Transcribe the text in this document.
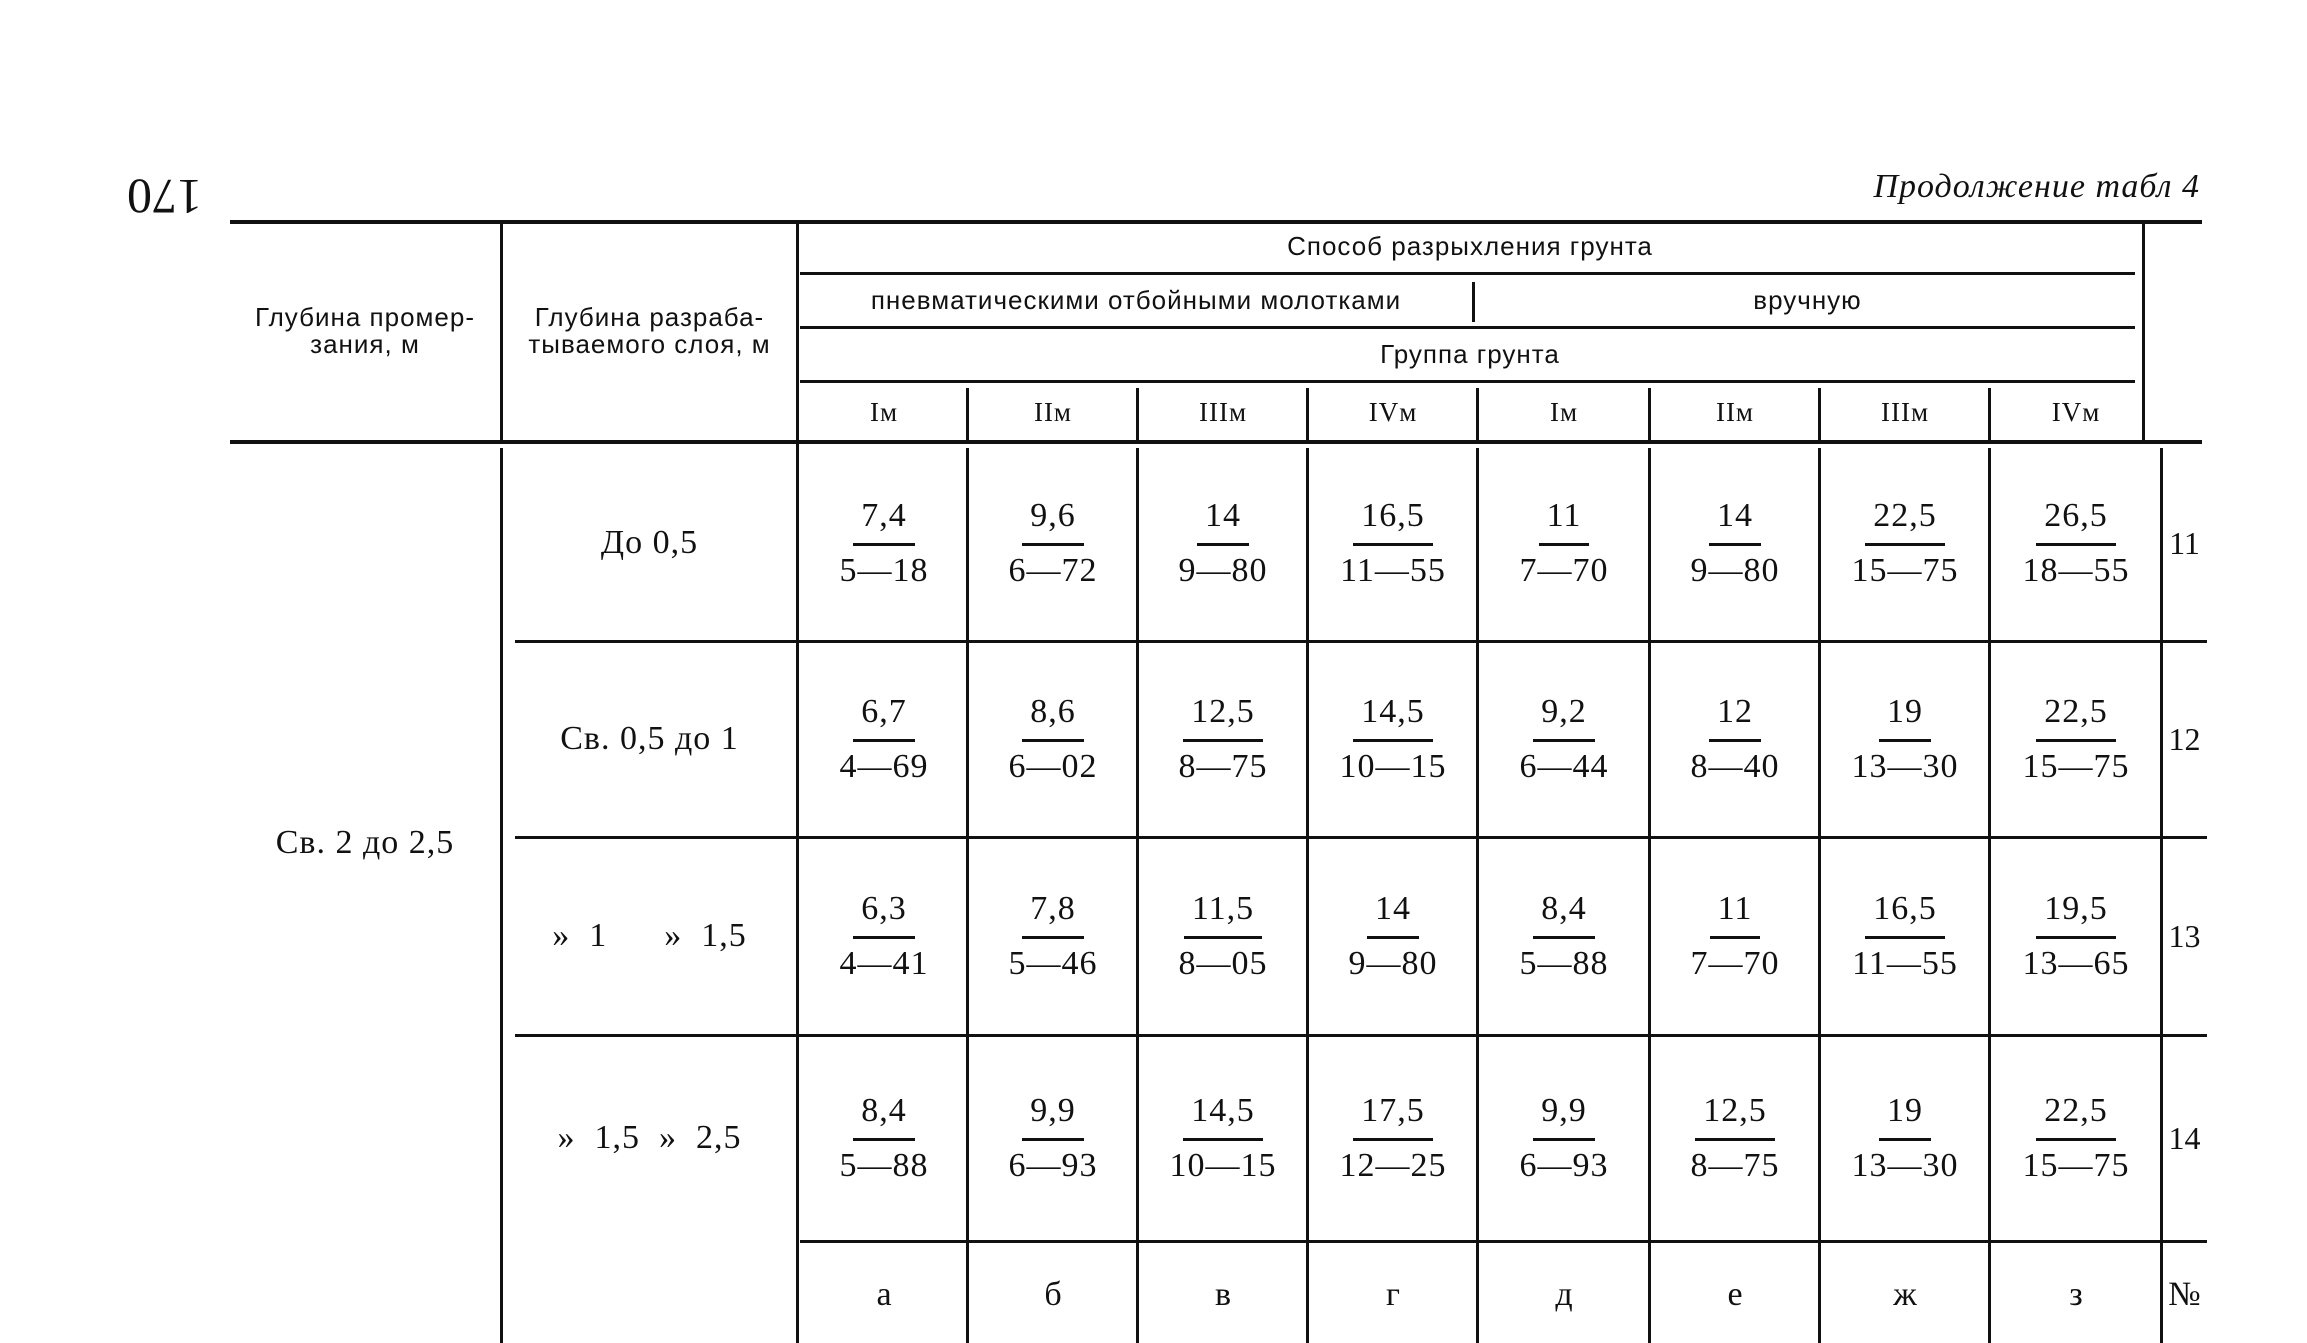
170	Продолжение табл 4
Глубина промер-
зания, м
Глубина разраба-
тываемого слоя, м
Способ разрыхления грунта
пневматическими отбойными молотками	вручную
Группа грунта
Iм	IIм	IIIм	IVм	Iм	IIм	IIIм	IVм
Св. 2 до 2,5
До 0,5	$\frac{7,4}{5—18} \frac{9,6}{6—72} \frac{14}{9—80} \frac{16,5}{11—55} \frac{11}{7—70} \frac{14}{9—80} \frac{22,5}{15—75} \frac{26,5}{18—55} 11$
Св. 0,5 до 1	$\frac{6,7}{4—69} \frac{8,6}{6—02} \frac{12,5}{8—75} \frac{14,5}{10—15} \frac{9,2}{6—44} \frac{12}{8—40} \frac{19}{13—30} \frac{22,5}{15—75} 12$
»  1      »  1,5	$\frac{6,3}{4—41} \frac{7,8}{5—46} \frac{11,5}{8—05} \frac{14}{9—80} \frac{8,4}{5—88} \frac{11}{7—70} \frac{16,5}{11—55} \frac{19,5}{13—65} 13$
»  1,5  »  2,5	$\frac{8,4}{5—88} \frac{9,9}{6—93} \frac{14,5}{10—15} \frac{17,5}{12—25} \frac{9,9}{6—93} \frac{12,5}{8—75} \frac{19}{13—30} \frac{22,5}{15—75} 14$
а	б	в	г	д	е	ж	з	№
